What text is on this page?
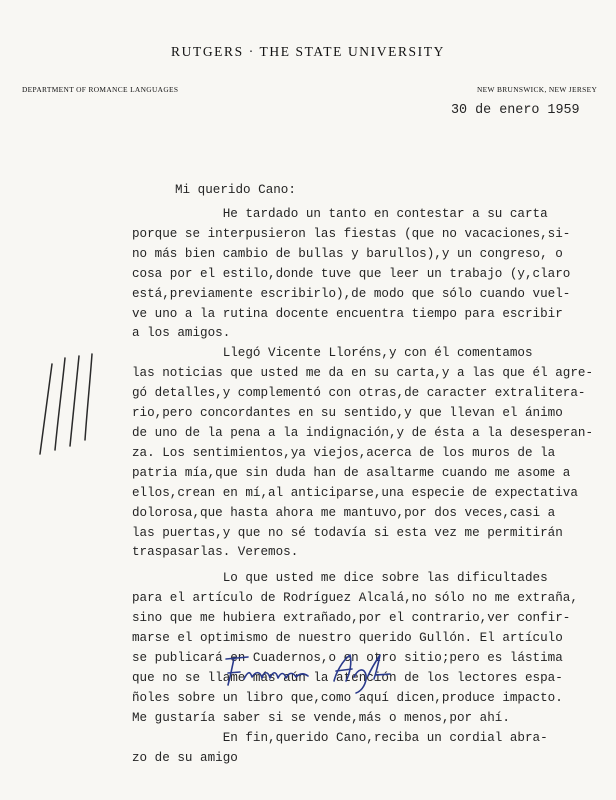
RUTGERS · THE STATE UNIVERSITY
DEPARTMENT OF ROMANCE LANGUAGES	NEW BRUNSWICK, NEW JERSEY
30 de enero 1959
Mi querido Cano:
He tardado un tanto en contestar a su carta
porque se interpusieron las fiestas (que no vacaciones,si-
no más bien cambio de bullas y barullos),y un congreso, o
cosa por el estilo,donde tuve que leer un trabajo (y,claro
está,previamente escribirlo),de modo que sólo cuando vuel-
ve uno a la rutina docente encuentra tiempo para escribir
a los amigos.
Llegó Vicente Lloréns,y con él comentamos
las noticias que usted me da en su carta,y a las que él agre-
gó detalles,y complementó con otras,de caracter extralitera-
rio,pero concordantes en su sentido,y que llevan el ánimo
de uno de la pena a la indignación,y de ésta a la desesperan-
za. Los sentimientos,ya viejos,acerca de los muros de la
patria mía,que sin duda han de asaltarme cuando me asome a
ellos,crean en mí,al anticiparse,una especie de expectativa
dolorosa,que hasta ahora me mantuvo,por dos veces,casi a
las puertas,y que no sé todavía si esta vez me permitirán
traspasarlas. Veremos.
Lo que usted me dice sobre las dificultades
para el artículo de Rodríguez Alcalá,no sólo no me extraña,
sino que me hubiera extrañado,por el contrario,ver confir-
marse el optimismo de nuestro querido Gullón. El artículo
se publicará en Cuadernos,o en otro sitio;pero es lástima
que no se llame más aún la atención de los lectores espa-
ñoles sobre un libro que,como aquí dicen,produce impacto.
Me gustaría saber si se vende,más o menos,por ahí.
En fin,querido Cano,reciba un cordial abra-
zo de su amigo
